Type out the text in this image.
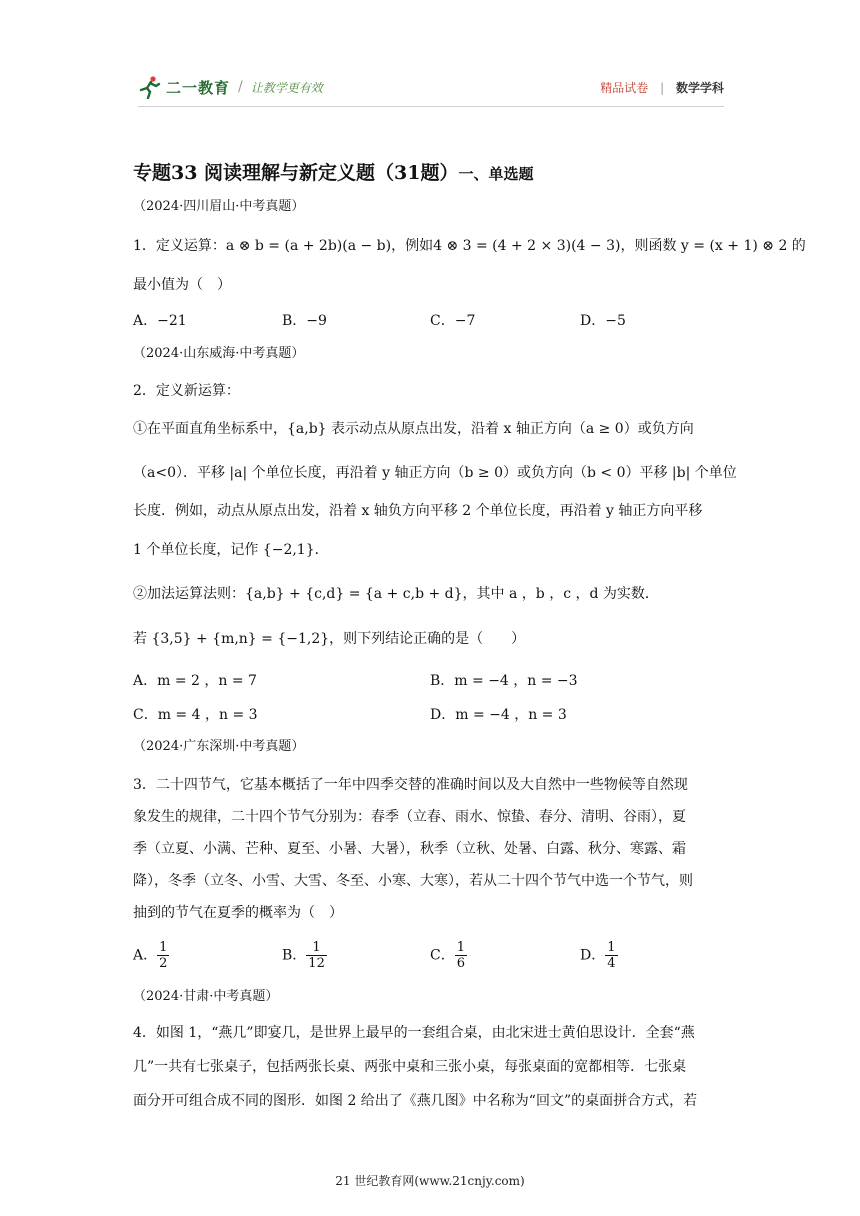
二一教育 / 让教学更有效	精品试卷 | 数学学科
专题33 阅读理解与新定义题（31题）一、单选题
（2024·四川眉山·中考真题）
1．定义运算：a ⊗ b = (a + 2b)(a − b)，例如4 ⊗ 3 = (4 + 2 × 3)(4 − 3)，则函数 y = (x + 1) ⊗ 2 的
最小值为（　）
A．−21	B．−9	C．−7	D．−5
（2024·山东威海·中考真题）
2．定义新运算：
①在平面直角坐标系中，{a,b} 表示动点从原点出发，沿着 x 轴正方向（a ≥ 0）或负方向
（a<0）．平移 |a| 个单位长度，再沿着 y 轴正方向（b ≥ 0）或负方向（b < 0）平移 |b| 个单位
长度．例如，动点从原点出发，沿着 x 轴负方向平移 2 个单位长度，再沿着 y 轴正方向平移
1 个单位长度，记作 {−2,1}．
②加法运算法则：{a,b} + {c,d} = {a + c,b + d}，其中 a ，b ，c ，d 为实数．
若 {3,5} + {m,n} = {−1,2}，则下列结论正确的是（　　）
A．m = 2 ，n = 7	B．m = −4 ，n = −3
C．m = 4 ，n = 3	D．m = −4 ，n = 3
（2024·广东深圳·中考真题）
3．二十四节气，它基本概括了一年中四季交替的准确时间以及大自然中一些物候等自然现
象发生的规律，二十四个节气分别为：春季（立春、雨水、惊蛰、春分、清明、谷雨），夏
季（立夏、小满、芒种、夏至、小暑、大暑），秋季（立秋、处暑、白露、秋分、寒露、霜
降），冬季（立冬、小雪、大雪、冬至、小寒、大寒），若从二十四个节气中选一个节气，则
抽到的节气在夏季的概率为（　）
A． $\frac{1}{2}$	B． $\frac{1}{12}$	C． $\frac{1}{6}$	D． $\frac{1}{4}$
（2024·甘肃·中考真题）
4．如图 1，“燕几”即宴几，是世界上最早的一套组合桌，由北宋进士黄伯思设计．全套“燕
几”一共有七张桌子，包括两张长桌、两张中桌和三张小桌，每张桌面的宽都相等．七张桌
面分开可组合成不同的图形．如图 2 给出了《燕几图》中名称为“回文”的桌面拼合方式，若
21 世纪教育网(www.21cnjy.com)
